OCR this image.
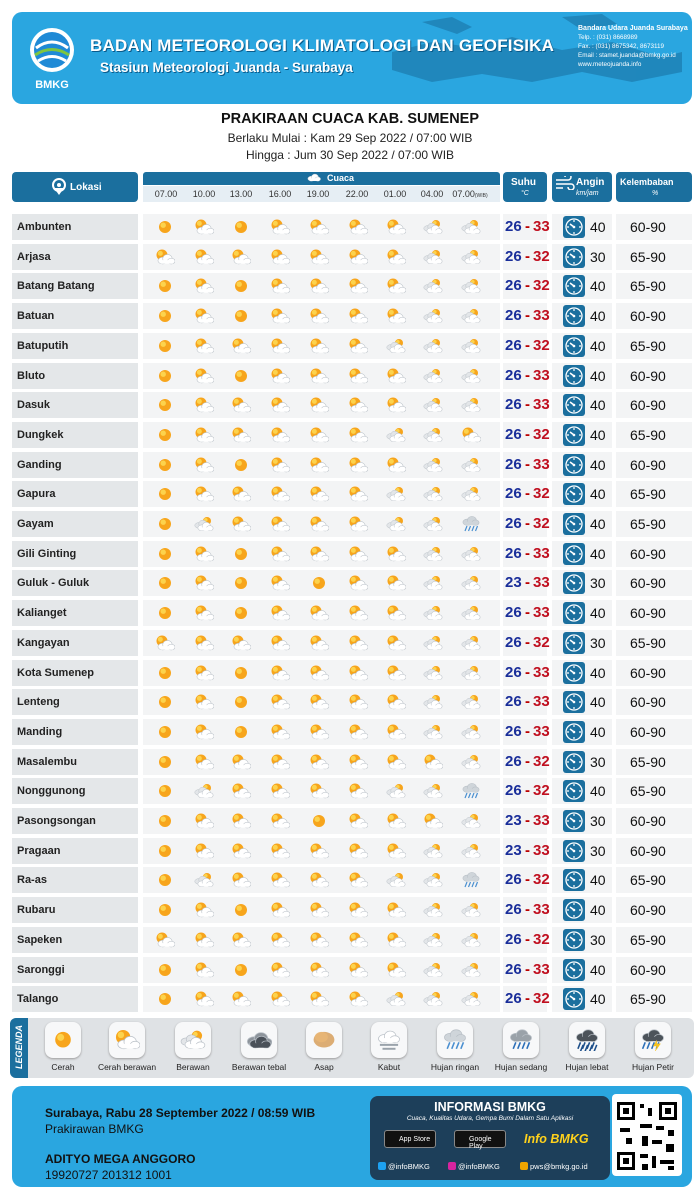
BMKG
BADAN METEOROLOGI KLIMATOLOGI DAN GEOFISIKA
Stasiun Meteorologi Juanda - Surabaya
Bandara Udara Juanda Surabaya
Telp. : (031) 8668989
Fax. : (031) 8675342, 8673119
Email : stamet.juanda@bmkg.go.id
www.meteojuanda.info
PRAKIRAAN CUACA KAB. SUMENEP
Berlaku Mulai : Kam 29 Sep 2022 / 07:00 WIB
Hingga : Jum 30 Sep 2022 / 07:00 WIB
Lokasi
Cuaca
07.00	10.00	13.00	16.00	19.00	22.00	01.00	04.00	07.00(WIB)
Suhu
°C
Angin
km/jam
Kelembaban
%
Ambunten	26 - 33	40 60-90
Arjasa	26 - 32	30 65-90
Batang Batang	26 - 32	40 65-90
Batuan	26 - 33	40 60-90
Batuputih	26 - 32	40 65-90
Bluto	26 - 33	40 60-90
Dasuk	26 - 33	40 60-90
Dungkek	26 - 32	40 65-90
Ganding	26 - 33	40 60-90
Gapura	26 - 32	40 65-90
Gayam	26 - 32	40 65-90
Gili Ginting	26 - 33	40 60-90
Guluk - Guluk	23 - 33	30 60-90
Kalianget	26 - 33	40 60-90
Kangayan	26 - 32	30 65-90
Kota Sumenep	26 - 33	40 60-90
Lenteng	26 - 33	40 60-90
Manding	26 - 33	40 60-90
Masalembu	26 - 32	30 65-90
Nonggunong	26 - 32	40 65-90
Pasongsongan	23 - 33	30 60-90
Pragaan	23 - 33	30 60-90
Ra-as	26 - 32	40 65-90
Rubaru	26 - 33	40 60-90
Sapeken	26 - 32	30 65-90
Saronggi	26 - 33	40 60-90
Talango	26 - 32	40 65-90
LEGENDA	Cerah	Cerah berawan	Berawan	Berawan tebal	Asap	Kabut	Hujan ringan	Hujan sedang	Hujan lebat	Hujan Petir
Surabaya, Rabu 28 September 2022 / 08:59 WIB
Prakirawan BMKG
ADITYO MEGA ANGGORO
19920727 201312 1001
INFORMASI BMKG
Cuaca, Kualitas Udara, Gempa Bumi Dalam Satu Aplikasi
App Store	Google Play
Info BMKG
@infoBMKG	@infoBMKG	pws@bmkg.go.id
